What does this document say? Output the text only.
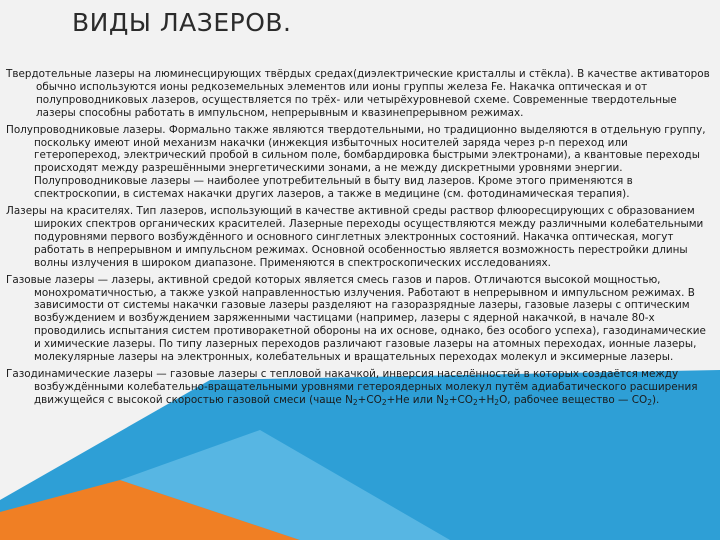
ВИДЫ ЛАЗЕРОВ.

Твердотельные лазеры на люминесцирующих твёрдых средах(диэлектрические кристаллы и стёкла). В качестве активаторов обычно используются ионы редкоземельных элементов или ионы группы железа Fe. Накачка оптическая и от полупроводниковых лазеров, осуществляется по трёх- или четырёхуровневой схеме. Современные твердотельные лазеры способны работать в импульсном, непрерывным и квазинепрерывном режимах.

Полупроводниковые лазеры. Формально также являются твердотельными, но традиционно выделяются в отдельную группу, поскольку имеют иной механизм накачки (инжекция избыточных носителей заряда через p-n переход или гетеропереход, электрический пробой в сильном поле, бомбардировка быстрыми электронами), а квантовые переходы происходят между разрешёнными энергетическими зонами, а не между дискретными уровнями энергии. Полупроводниковые лазеры — наиболее употребительный в быту вид лазеров. Кроме этого применяются в спектроскопии, в системах накачки других лазеров, а также в медицине (см. фотодинамическая терапия).

Лазеры на красителях. Тип лазеров, использующий в качестве активной среды раствор флюоресцирующих с образованием широких спектров органических красителей. Лазерные переходы осуществляются между различными колебательными подуровнями первого возбуждённого и основного синглетных электронных состояний. Накачка оптическая, могут работать в непрерывном и импульсном режимах. Основной особенностью является возможность перестройки длины волны излучения в широком диапазоне. Применяются в спектроскопических исследованиях.

Газовые лазеры — лазеры, активной средой которых является смесь газов и паров. Отличаются высокой мощностью, монохроматичностью, а также узкой направленностью излучения. Работают в непрерывном и импульсном режимах. В зависимости от системы накачки газовые лазеры разделяют на газоразрядные лазеры, газовые лазеры с оптическим возбуждением и возбуждением заряженными частицами (например, лазеры с ядерной накачкой, в начале 80-х проводились испытания систем противоракетной обороны на их основе, однако, без особого успеха), газодинамические и химические лазеры. По типу лазерных переходов различают газовые лазеры на атомных переходах, ионные лазеры, молекулярные лазеры на электронных, колебательных и вращательных переходах молекул и эксимерные лазеры.

Газодинамические лазеры — газовые лазеры с тепловой накачкой, инверсия населённостей в которых создаётся между возбуждёнными колебательно-вращательными уровнями гетероядерных молекул путём адиабатического расширения движущейся с высокой скоростью газовой смеси (чаще $N_2+CO_2+He$ или $N_2+CO_2+H_2O$, рабочее вещество — $CO_2$).
